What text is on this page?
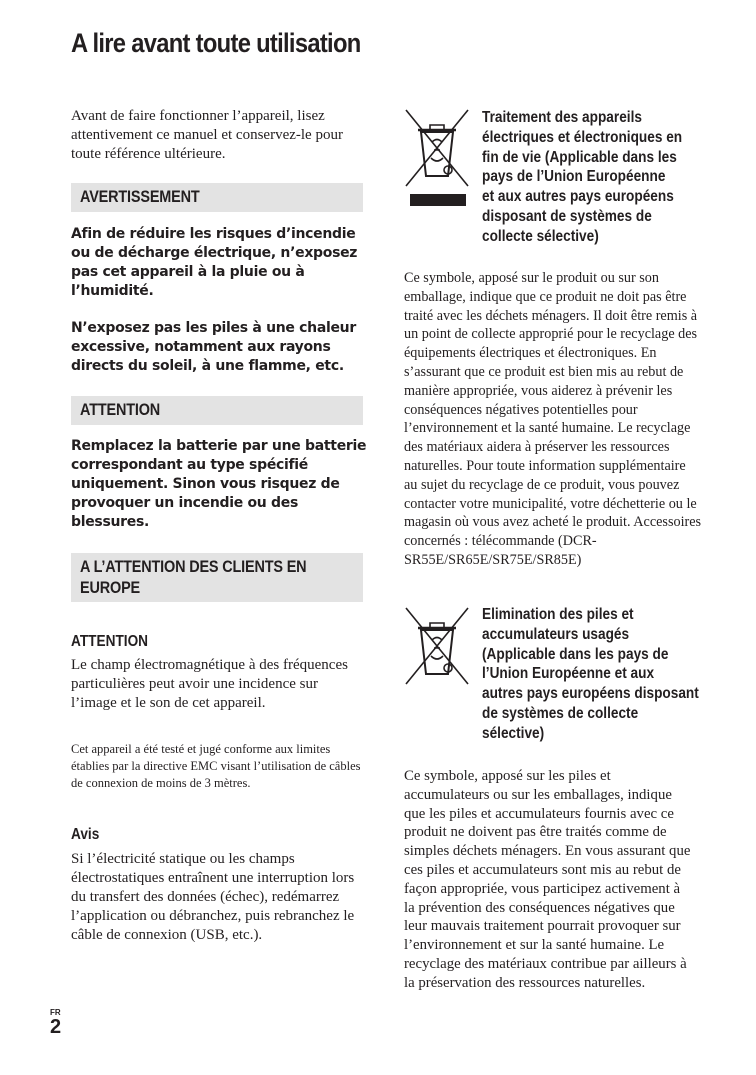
A lire avant toute utilisation

Avant de faire fonctionner l’appareil, lisez attentivement ce manuel et conservez-le pour toute référence ultérieure.

AVERTISSEMENT

Afin de réduire les risques d’incendie ou de décharge électrique, n’exposez pas cet appareil à la pluie ou à l’humidité.

N’exposez pas les piles à une chaleur excessive, notamment aux rayons directs du soleil, à une flamme, etc.

ATTENTION

Remplacez la batterie par une batterie correspondant au type spécifié uniquement. Sinon vous risquez de provoquer un incendie ou des blessures.

A L’ATTENTION DES CLIENTS EN
EUROPE
ATTENTION

Le champ électromagnétique à des fréquences particulières peut avoir une incidence sur l’image et le son de cet appareil.

Cet appareil a été testé et jugé conforme aux limites établies par la directive EMC visant l’utilisation de câbles de connexion de moins de 3 mètres.

Avis

Si l’électricité statique ou les champs électrostatiques entraînent une interruption lors du transfert des données (échec), redémarrez l’application ou débranchez, puis rebranchez le câble de connexion (USB, etc.).

FR
2
Traitement des appareils
électriques et électroniques en
fin de vie (Applicable dans les
pays de l’Union Européenne
et aux autres pays européens
disposant de systèmes de
collecte sélective)

Ce symbole, apposé sur le produit ou sur son emballage, indique que ce produit ne doit pas être traité avec les déchets ménagers. Il doit être remis à un point de collecte approprié pour le recyclage des équipements électriques et électroniques. En s’assurant que ce produit est bien mis au rebut de manière appropriée, vous aiderez à prévenir les conséquences négatives potentielles pour l’environnement et la santé humaine. Le recyclage des matériaux aidera à préserver les ressources naturelles. Pour toute information supplémentaire au sujet du recyclage de ce produit, vous pouvez contacter votre municipalité, votre déchetterie ou le magasin où vous avez acheté le produit. Accessoires concernés : télécommande (DCR-SR55E/SR65E/SR75E/SR85E)

Elimination des piles et
accumulateurs usagés
(Applicable dans les pays de
l’Union Européenne et aux
autres pays européens disposant
de systèmes de collecte
sélective)

Ce symbole, apposé sur les piles et accumulateurs ou sur les emballages, indique que les piles et accumulateurs fournis avec ce produit ne doivent pas être traités comme de simples déchets ménagers. En vous assurant que ces piles et accumulateurs sont mis au rebut de façon appropriée, vous participez activement à la prévention des conséquences négatives que leur mauvais traitement pourrait provoquer sur l’environnement et sur la santé humaine. Le recyclage des matériaux contribue par ailleurs à la préservation des ressources naturelles.
